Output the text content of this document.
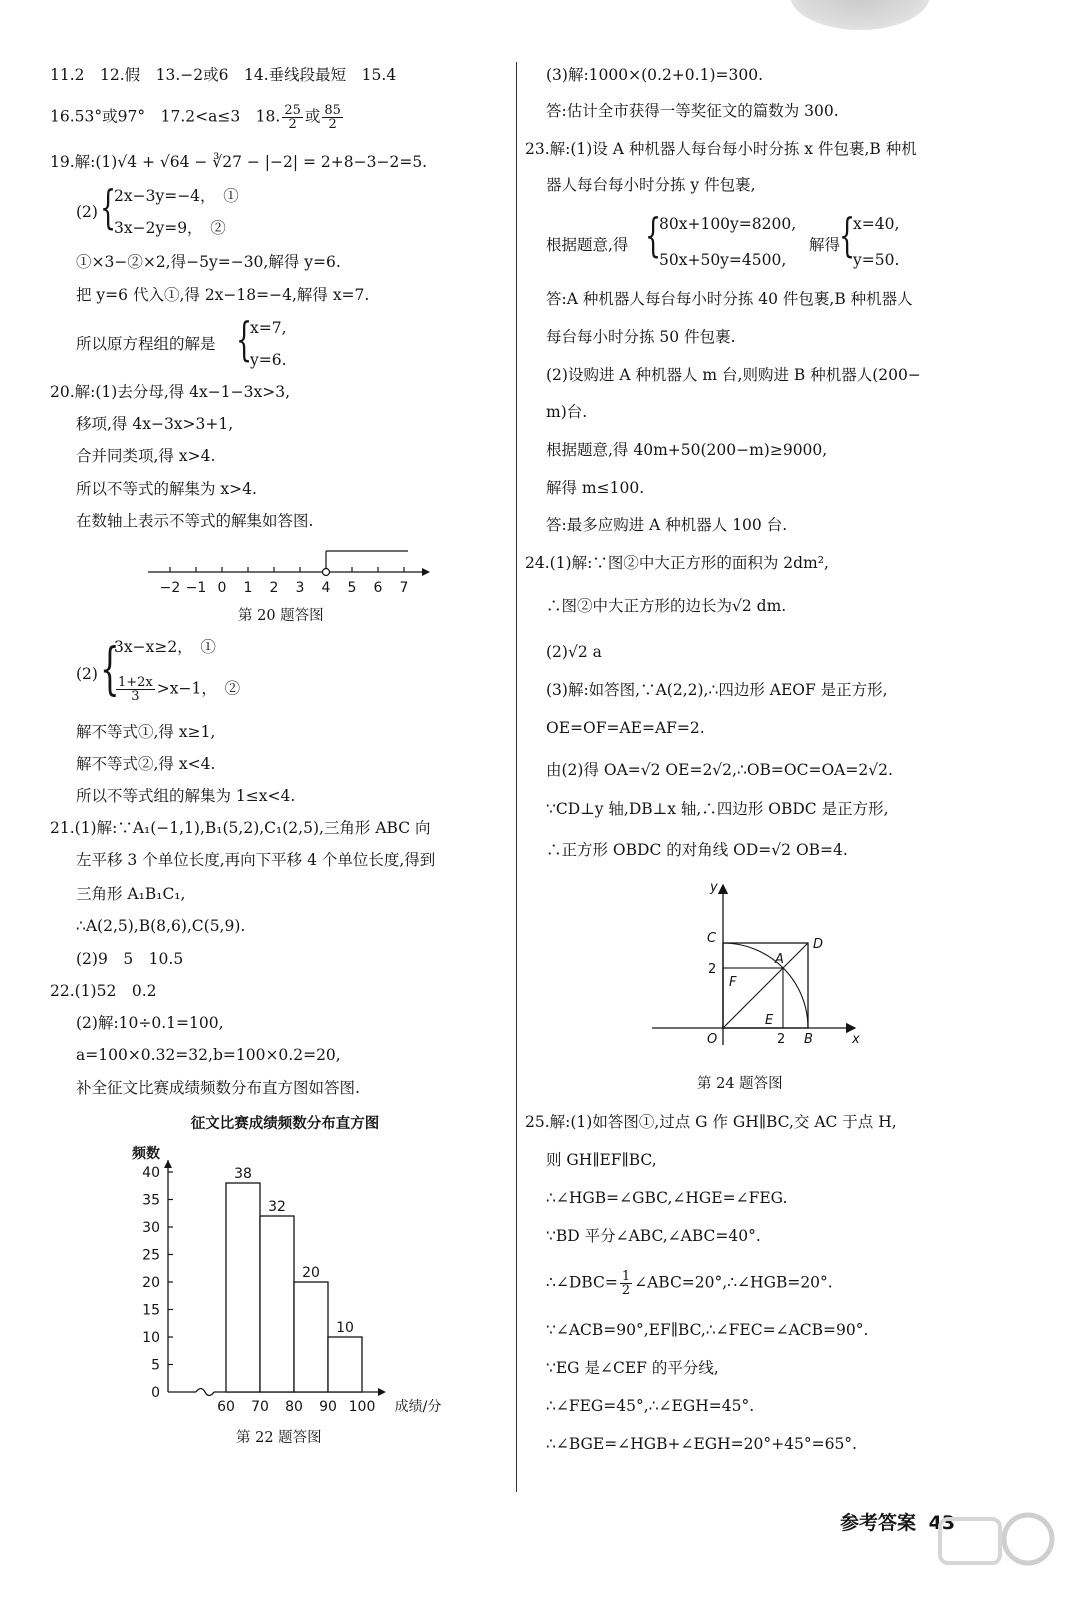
11.2　12.假　13.−2或6　14.垂线段最短　15.4
16.53°或97°　17.2<a≤3　18. $\frac{25}{2}$ 或 $\frac{85}{2}$
19.解:(1)√4 + √64 − ∛27 − |−2| = 2+8−3−2=5.
(2) {
2x−3y=−4，　①
3x−2y=9，　②
①×3−②×2,得−5y=−30,解得 y=6.
把 y=6 代入①,得 2x−18=−4,解得 x=7.
所以原方程组的解是 {
x=7,
y=6.
20.解:(1)去分母,得 4x−1−3x>3,
移项,得 4x−3x>3+1,
合并同类项,得 x>4.
所以不等式的解集为 x>4.
在数轴上表示不等式的解集如答图.
−2 −1 0 1 2 3 4 5 6 7
第 20 题答图
(2) {
3x−x≥2，　①
$\frac{1+2x}{3} >x-1$，　②
解不等式①,得 x≥1,
解不等式②,得 x<4.
所以不等式组的解集为 1≤x<4.
21.(1)解:∵A₁(−1,1),B₁(5,2),C₁(2,5),三角形 ABC 向
左平移 3 个单位长度,再向下平移 4 个单位长度,得到
三角形 A₁B₁C₁,
∴A(2,5),B(8,6),C(5,9).
(2)9　5　10.5
22.(1)52　0.2
(2)解:10÷0.1=100,
a=100×0.32=32,b=100×0.2=20,
补全征文比赛成绩频数分布直方图如答图.
征文比赛成绩频数分布直方图
频数
成绩/分
0
5
10
15
20
25
30
35
40
60 70 80 90 100
38
32
20
10
第 22 题答图
(3)解:1000×(0.2+0.1)=300.
答:估计全市获得一等奖征文的篇数为 300.
23.解:(1)设 A 种机器人每台每小时分拣 x 件包裹,B 种机
器人每台每小时分拣 y 件包裹,
根据题意,得 {
80x+100y=8200,
50x+50y=4500,
解得
{
x=40,
y=50.
答:A 种机器人每台每小时分拣 40 件包裹,B 种机器人
每台每小时分拣 50 件包裹.
(2)设购进 A 种机器人 m 台,则购进 B 种机器人(200−
m)台.
根据题意,得 40m+50(200−m)≥9000,
解得 m≤100.
答:最多应购进 A 种机器人 100 台.
24.(1)解:∵图②中大正方形的面积为 2dm²,
∴图②中大正方形的边长为√2 dm.
(2)√2 a
(3)解:如答图,∵A(2,2),∴四边形 AEOF 是正方形,
OE=OF=AE=AF=2.
由(2)得 OA=√2 OE=2√2,∴OB=OC=OA=2√2.
∵CD⊥y 轴,DB⊥x 轴,∴四边形 OBDC 是正方形,
∴正方形 OBDC 的对角线 OD=√2 OB=4.
y
x
C	D
A
2
F
E
O	2 B
第 24 题答图
25.解:(1)如答图①,过点 G 作 GH∥BC,交 AC 于点 H,
则 GH∥EF∥BC,
∴∠HGB=∠GBC,∠HGE=∠FEG.
∵BD 平分∠ABC,∠ABC=40°.
∴∠DBC= $\frac{1}{2}$ ∠ABC=20°,∴∠HGB=20°.
∵∠ACB=90°,EF∥BC,∴∠FEC=∠ACB=90°.
∵EG 是∠CEF 的平分线,
∴∠FEG=45°,∴∠EGH=45°.
∴∠BGE=∠HGB+∠EGH=20°+45°=65°.
参考答案 43
